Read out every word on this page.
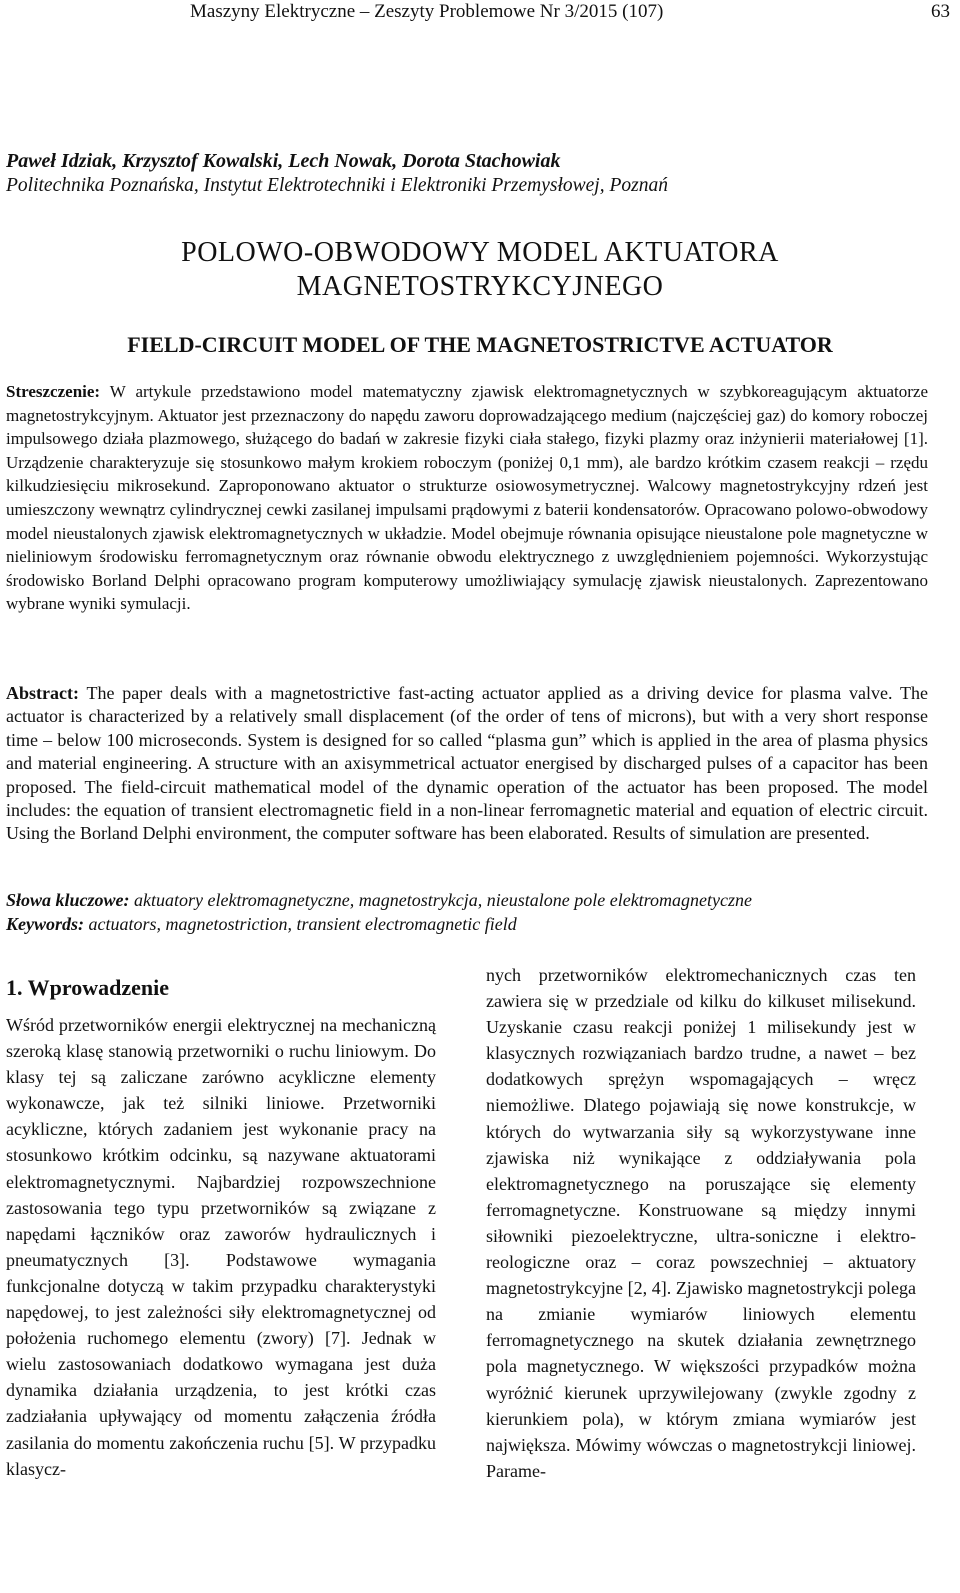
Maszyny Elektryczne – Zeszyty Problemowe Nr 3/2015 (107)	63
Paweł Idziak, Krzysztof Kowalski, Lech Nowak, Dorota Stachowiak
Politechnika Poznańska, Instytut Elektrotechniki i Elektroniki Przemysłowej, Poznań
POLOWO-OBWODOWY MODEL AKTUATORA
MAGNETOSTRYKCYJNEGO
FIELD-CIRCUIT MODEL OF THE MAGNETOSTRICTVE ACTUATOR
Streszczenie: W artykule przedstawiono model matematyczny zjawisk elektromagnetycznych w szybkoreagującym aktuatorze magnetostrykcyjnym. Aktuator jest przeznaczony do napędu zaworu doprowadzającego medium (najczęściej gaz) do komory roboczej impulsowego działa plazmowego, służącego do badań w zakresie fizyki ciała stałego, fizyki plazmy oraz inżynierii materiałowej [1]. Urządzenie charakteryzuje się stosunkowo małym krokiem roboczym (poniżej 0,1 mm), ale bardzo krótkim czasem reakcji – rzędu kilkudziesięciu mikrosekund. Zaproponowano aktuator o strukturze osiowosymetrycznej. Walcowy magnetostrykcyjny rdzeń jest umieszczony wewnątrz cylindrycznej cewki zasilanej impulsami prądowymi z baterii kondensatorów. Opracowano polowo-obwodowy model nieustalonych zjawisk elektromagnetycznych w układzie. Model obejmuje równania opisujące nieustalone pole magnetyczne w nieliniowym środowisku ferromagnetycznym oraz równanie obwodu elektrycznego z uwzględnieniem pojemności. Wykorzystując środowisko Borland Delphi opracowano program komputerowy umożliwiający symulację zjawisk nieustalonych. Zaprezentowano wybrane wyniki symulacji.
Abstract: The paper deals with a magnetostrictive fast-acting actuator applied as a driving device for plasma valve. The actuator is characterized by a relatively small displacement (of the order of tens of microns), but with a very short response time – below 100 microseconds. System is designed for so called “plasma gun” which is applied in the area of plasma physics and material engineering. A structure with an axisymmetrical actuator energised by discharged pulses of a capacitor has been proposed. The field-circuit mathematical model of the dynamic operation of the actuator has been proposed. The model includes: the equation of transient electromagnetic field in a non-linear ferromagnetic material and equation of electric circuit. Using the Borland Delphi environment, the computer software has been elaborated. Results of simulation are presented.
Słowa kluczowe: aktuatory elektromagnetyczne, magnetostrykcja, nieustalone pole elektromagnetyczne
Keywords: actuators, magnetostriction, transient electromagnetic field
1. Wprowadzenie

Wśród przetworników energii elektrycznej na mechaniczną szeroką klasę stanowią przetworniki o ruchu liniowym. Do klasy tej są zaliczane zarówno acykliczne elementy wykonawcze, jak też silniki liniowe. Przetworniki acykliczne, których zadaniem jest wykonanie pracy na stosunkowo krótkim odcinku, są nazywane aktuatorami elektromagnetycznymi. Najbardziej rozpowszechnione zastosowania tego typu przetworników są związane z napędami łączników oraz zaworów hydraulicznych i pneumatycznych [3]. Podstawowe wymagania funkcjonalne dotyczą w takim przypadku charakterystyki napędowej, to jest zależności siły elektromagnetycznej od położenia ruchomego elementu (zwory) [7]. Jednak w wielu zastosowaniach dodatkowo wymagana jest duża dynamika działania urządzenia, to jest krótki czas zadziałania upływający od momentu załączenia źródła zasilania do momentu zakończenia ruchu [5]. W przypadku klasycz-

nych przetworników elektromechanicznych czas ten zawiera się w przedziale od kilku do kilkuset milisekund. Uzyskanie czasu reakcji poniżej 1 milisekundy jest w klasycznych rozwiązaniach bardzo trudne, a nawet – bez dodatkowych sprężyn wspomagających – wręcz niemożliwe. Dlatego pojawiają się nowe konstrukcje, w których do wytwarzania siły są wykorzystywane inne zjawiska niż wynikające z oddziaływania pola elektromagnetycznego na poruszające się elementy ferromagnetyczne. Konstruowane są między innymi siłowniki piezoelektryczne, ultra-soniczne i elektro-reologiczne oraz – coraz powszechniej – aktuatory magnetostrykcyjne [2, 4]. Zjawisko magnetostrykcji polega na zmianie wymiarów liniowych elementu ferromagnetycznego na skutek działania zewnętrznego pola magnetycznego. W większości przypadków można wyróżnić kierunek uprzywilejowany (zwykle zgodny z kierunkiem pola), w którym zmiana wymiarów jest największa. Mówimy wówczas o magnetostrykcji liniowej. Parame-
